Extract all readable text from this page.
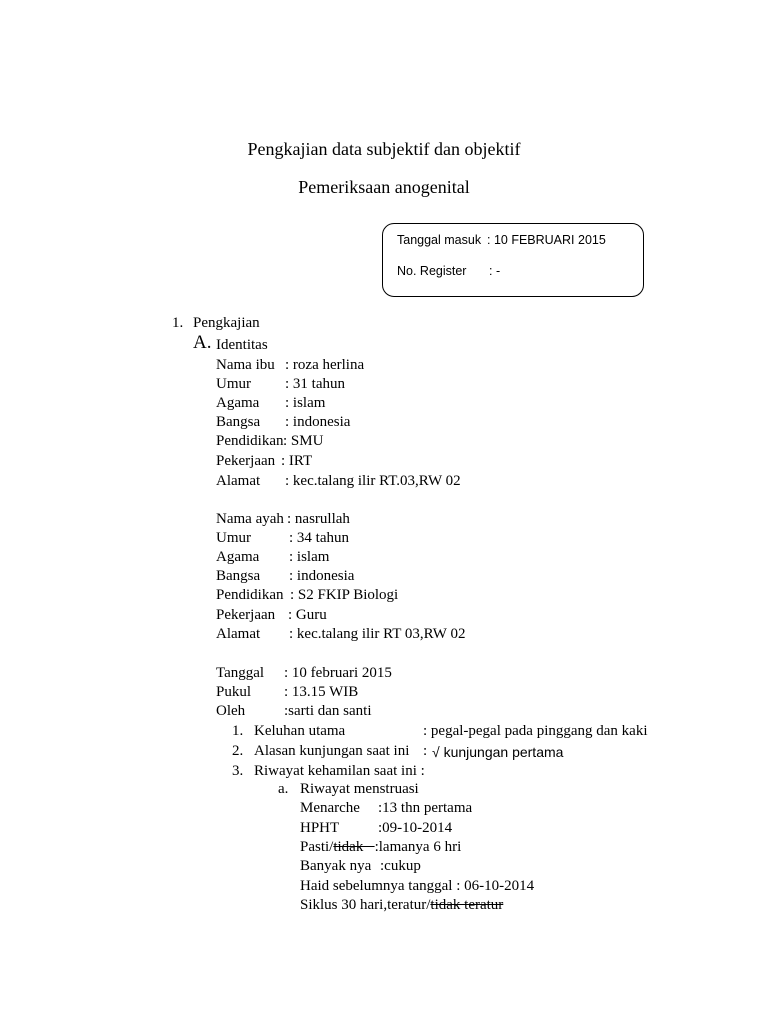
Pengkajian data subjektif dan objektif
Pemeriksaan anogenital
Tanggal masuk : 10 FEBRUARI 2015
No. Register : -
1. Pengkajian
A. Identitas
Nama ibu : roza herlina
Umur : 31 tahun
Agama : islam
Bangsa : indonesia
Pendidikan : SMU
Pekerjaan : IRT
Alamat : kec.talang ilir RT.03,RW 02
Nama ayah : nasrullah
Umur	: 34 tahun
Agama : islam
Bangsa : indonesia
Pendidikan : S2 FKIP Biologi
Pekerjaan : Guru
Alamat : kec.talang ilir RT 03,RW 02
Tanggal : 10 februari 2015
Pukul : 13.15 WIB
Oleh	:sarti dan santi
1. Keluhan utama	: pegal-pegal pada pinggang dan kaki
2. Alasan kunjungan saat ini : √ kunjungan pertama
3. Riwayat kehamilan saat ini :
a. Riwayat menstruasi
Menarche :13 thn pertama
HPHT	:09-10-2014
Pasti/tidak   :lamanya 6 hri
Banyak nya :cukup
Haid sebelumnya tanggal : 06-10-2014
Siklus 30 hari,teratur/tidak teratur
